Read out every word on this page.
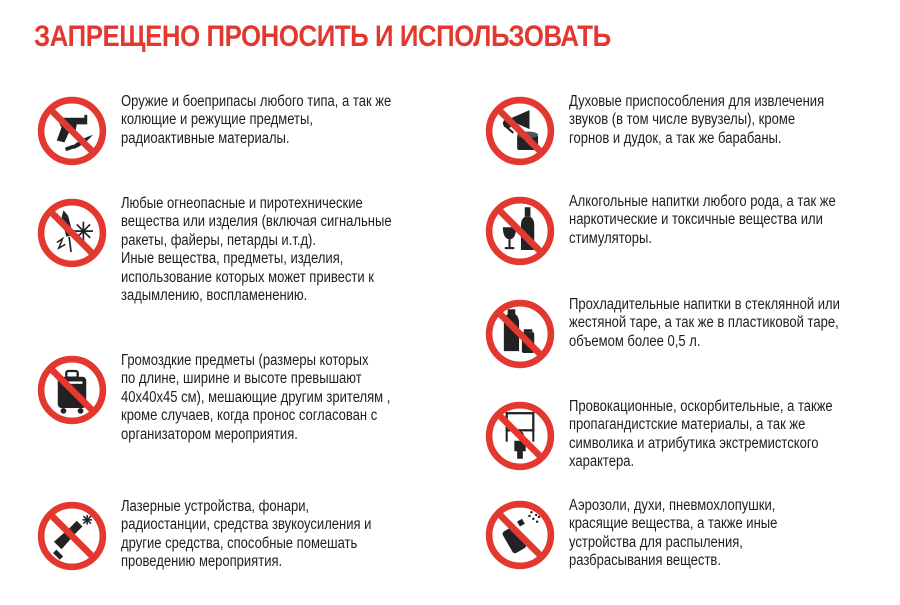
ЗАПРЕЩЕНО ПРОНОСИТЬ И ИСПОЛЬЗОВАТЬ
Оружие и боеприпасы любого типа, а так же
колющие и режущие предметы,
радиоактивные материалы.
Любые огнеопасные и пиротехнические
вещества или изделия (включая сигнальные
ракеты, файеры, петарды и.т.д).
Иные вещества, предметы, изделия,
использование которых может привести к
задымлению, воспламенению.
Громоздкие предметы (размеры которых
по длине, ширине и высоте превышают
40х40х45 см), мешающие другим зрителям ,
кроме случаев, когда пронос согласован с
организатором мероприятия.
Лазерные устройства, фонари,
радиостанции, средства звукоусиления и
другие средства, способные помешать
проведению мероприятия.
Духовые приспособления для извлечения
звуков (в том числе вувузелы), кроме
горнов и дудок, а так же барабаны.
Алкогольные напитки любого рода, а так же
наркотические и токсичные вещества или
стимуляторы.
Прохладительные напитки в стеклянной или
жестяной таре, а так же в пластиковой таре,
объемом более 0,5 л.
Провокационные, оскорбительные, а также
пропагандистские материалы, а так же
символика и атрибутика экстремистского
характера.
Аэрозоли, духи, пневмохлопушки,
красящие вещества, а также иные
устройства для распыления,
разбрасывания веществ.
